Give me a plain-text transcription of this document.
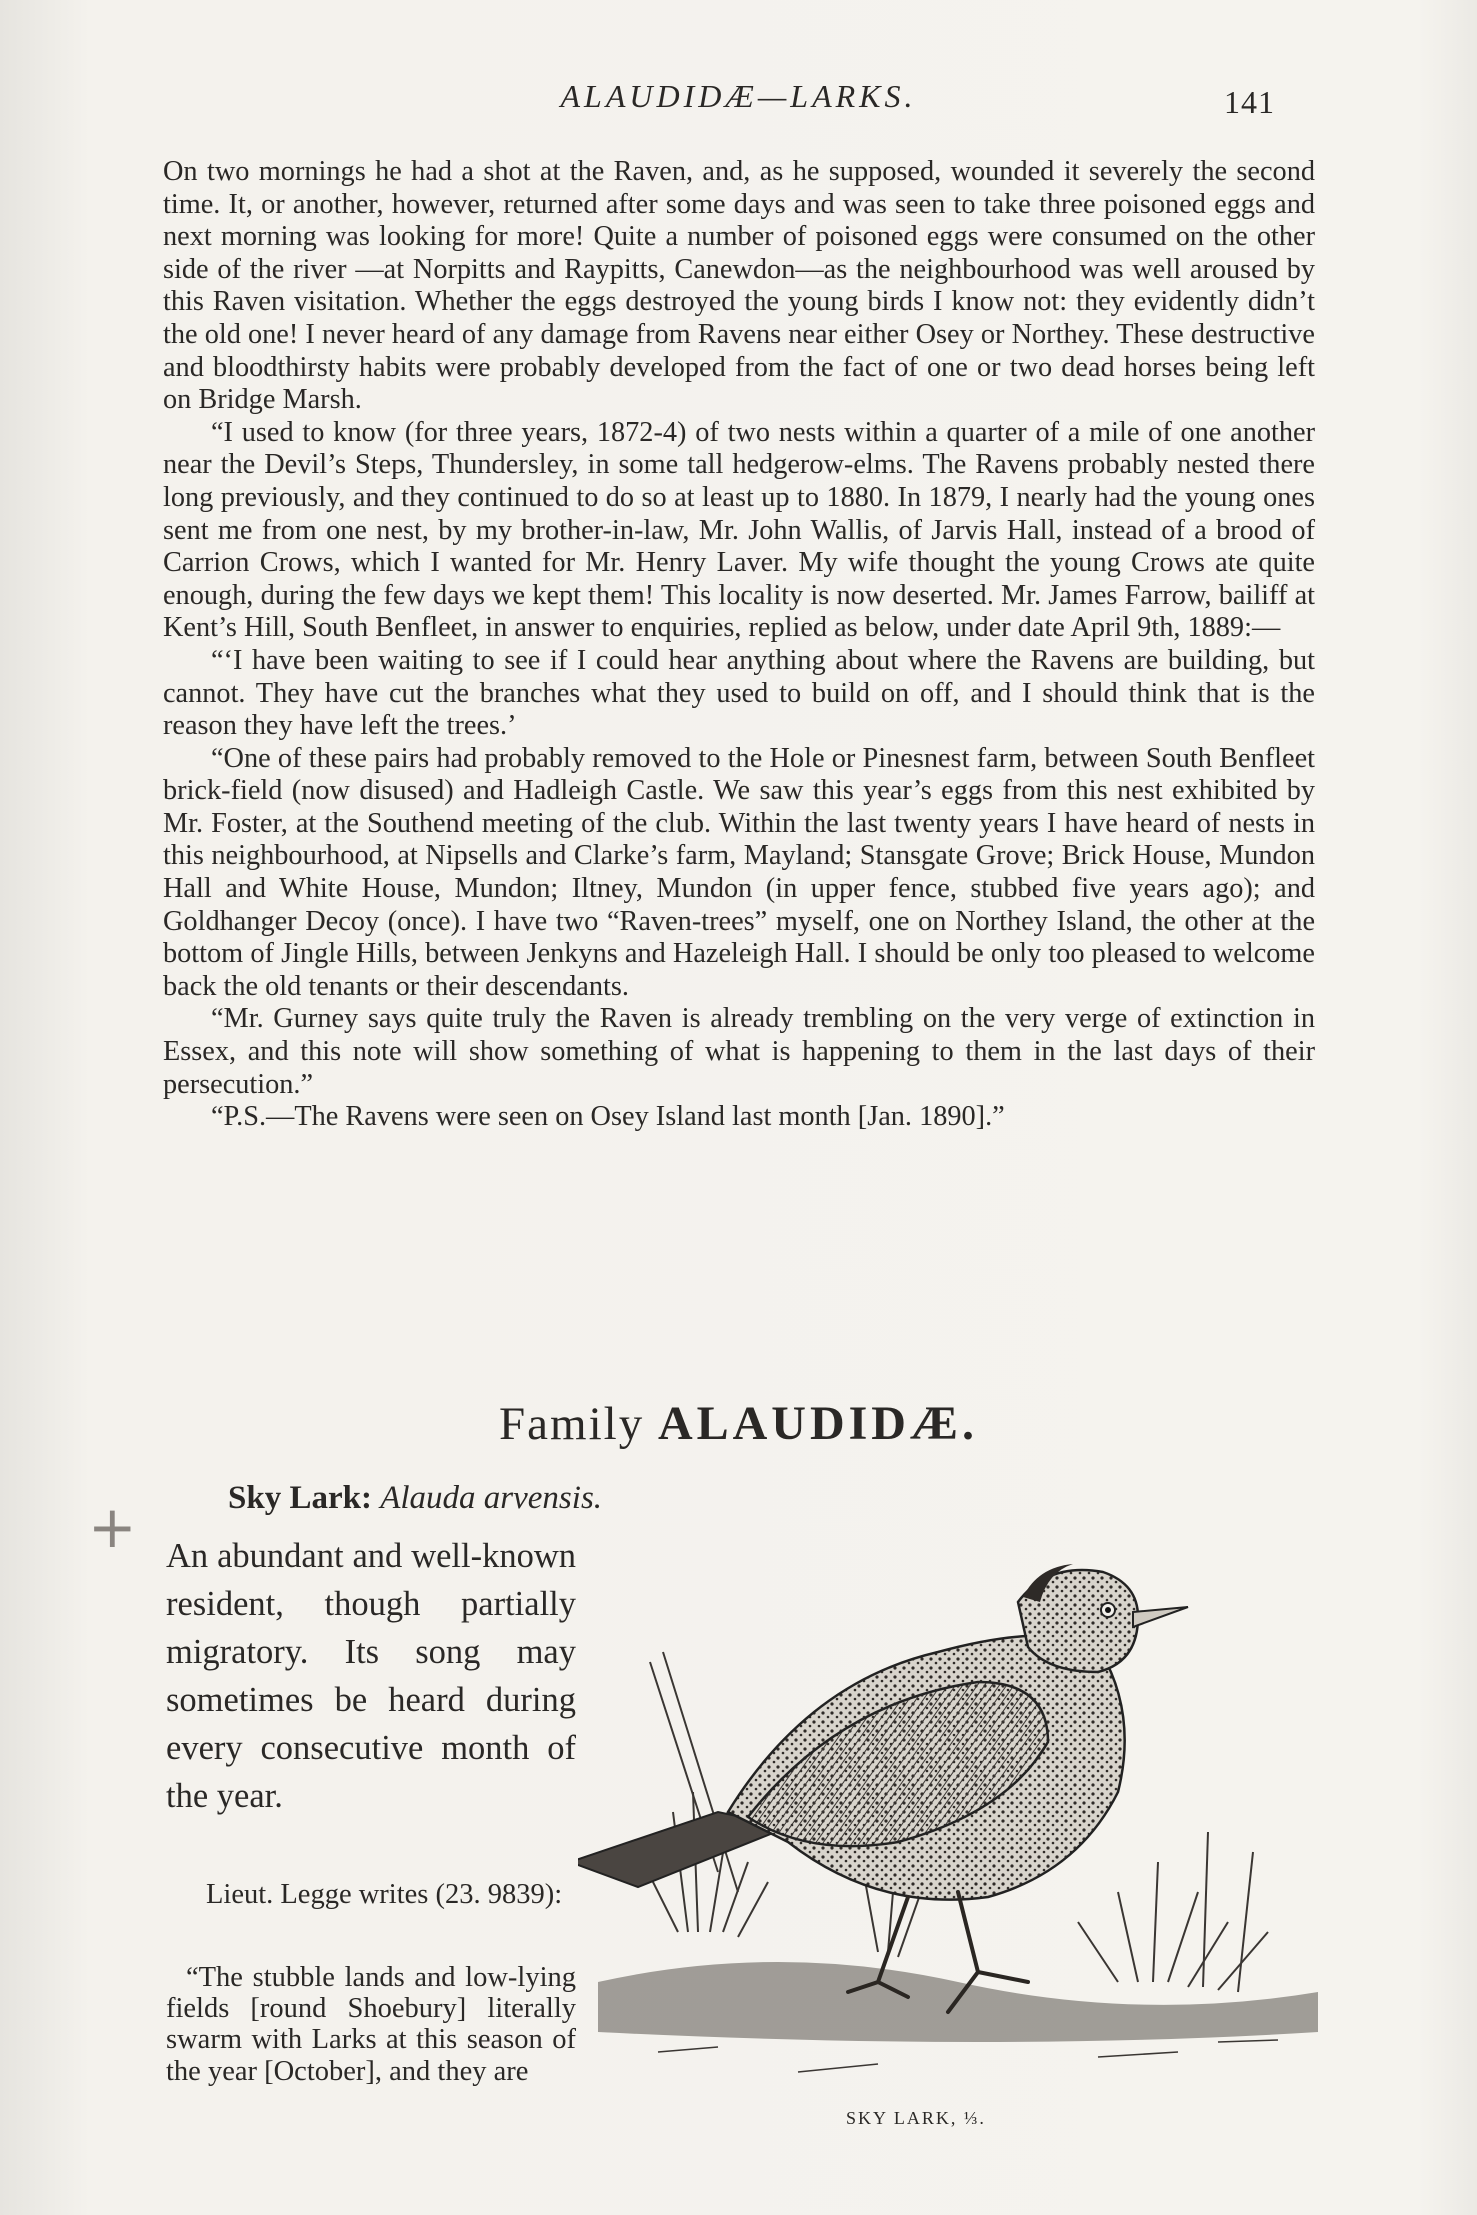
ALAUDIDÆ—LARKS.	141

On two mornings he had a shot at the Raven, and, as he supposed, wounded it severely the second time. It, or another, however, returned after some days and was seen to take three poisoned eggs and next morning was looking for more! Quite a number of poisoned eggs were consumed on the other side of the river —at Norpitts and Raypitts, Canewdon—as the neighbourhood was well aroused by this Raven visitation. Whether the eggs destroyed the young birds I know not: they evidently didn’t the old one! I never heard of any damage from Ravens near either Osey or Northey. These destructive and bloodthirsty habits were probably developed from the fact of one or two dead horses being left on Bridge Marsh.

“I used to know (for three years, 1872-4) of two nests within a quarter of a mile of one another near the Devil’s Steps, Thundersley, in some tall hedgerow-elms. The Ravens probably nested there long previously, and they continued to do so at least up to 1880. In 1879, I nearly had the young ones sent me from one nest, by my brother-in-law, Mr. John Wallis, of Jarvis Hall, instead of a brood of Carrion Crows, which I wanted for Mr. Henry Laver. My wife thought the young Crows ate quite enough, during the few days we kept them! This locality is now deserted. Mr. James Farrow, bailiff at Kent’s Hill, South Benfleet, in answer to enquiries, replied as below, under date April 9th, 1889:—

“‘I have been waiting to see if I could hear anything about where the Ravens are building, but cannot. They have cut the branches what they used to build on off, and I should think that is the reason they have left the trees.’

“One of these pairs had probably removed to the Hole or Pinesnest farm, between South Benfleet brick-field (now disused) and Hadleigh Castle. We saw this year’s eggs from this nest exhibited by Mr. Foster, at the Southend meeting of the club. Within the last twenty years I have heard of nests in this neighbourhood, at Nipsells and Clarke’s farm, Mayland; Stansgate Grove; Brick House, Mundon Hall and White House, Mundon; Iltney, Mundon (in upper fence, stubbed five years ago); and Goldhanger Decoy (once). I have two “Raven-trees” myself, one on Northey Island, the other at the bottom of Jingle Hills, between Jenkyns and Hazeleigh Hall. I should be only too pleased to welcome back the old tenants or their descendants.

“Mr. Gurney says quite truly the Raven is already trembling on the very verge of extinction in Essex, and this note will show something of what is happening to them in the last days of their persecution.”

“P.S.—The Ravens were seen on Osey Island last month [Jan. 1890].”

Family ALAUDIDÆ.
+	Sky Lark: Alauda arvensis.
An abundant and well-known resident, though partially migratory. Its song may sometimes be heard during every consecutive month of the year.
Lieut. Legge writes (23. 9839):
“The stubble lands and low-lying fields [round Shoebury] literally swarm with Larks at this season of the year [October], and they are
SKY LARK, ⅓.
